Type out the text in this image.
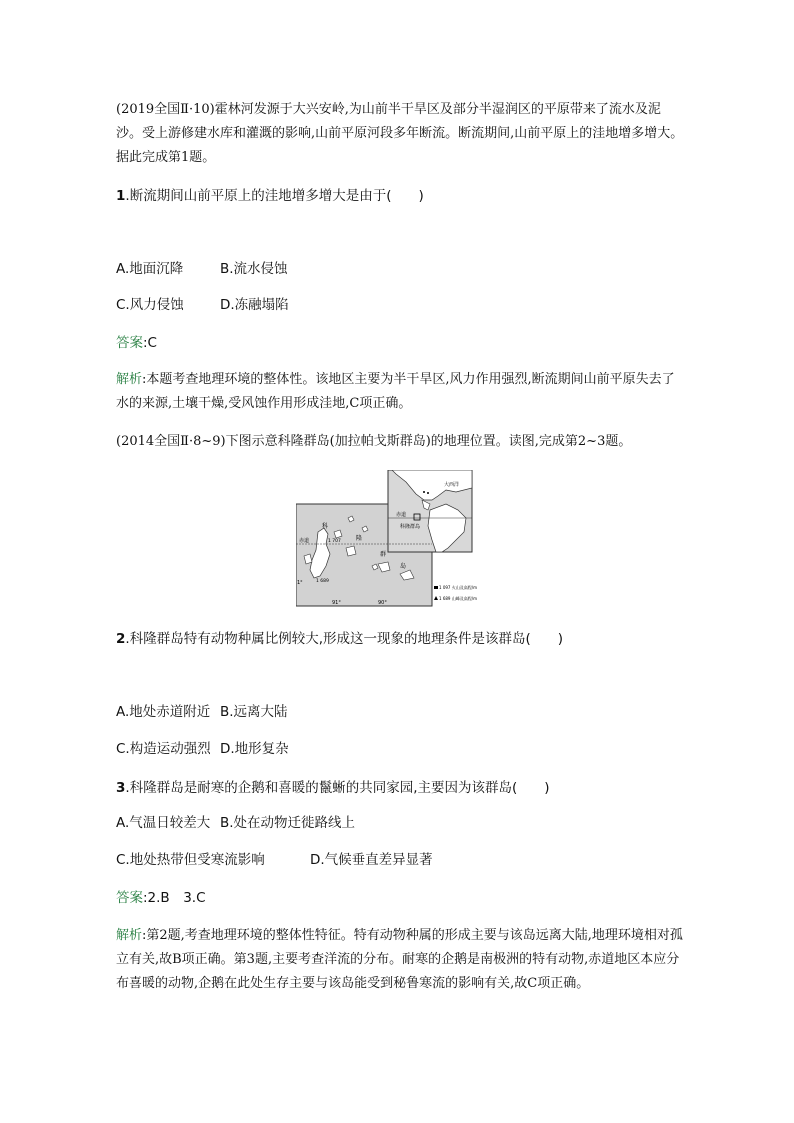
(2019全国Ⅱ·10)霍林河发源于大兴安岭,为山前半干旱区及部分半湿润区的平原带来了流水及泥沙。受上游修建水库和灌溉的影响,山前平原河段多年断流。断流期间,山前平原上的洼地增多增大。据此完成第1题。

1.断流期间山前平原上的洼地增多增大是由于(　　)

A.地面沉降	B.流水侵蚀
C.风力侵蚀	D.冻融塌陷

答案:C

解析:本题考查地理环境的整体性。该地区主要为半干旱区,风力作用强烈,断流期间山前平原失去了水的来源,土壤干燥,受风蚀作用形成洼地,C项正确。

(2014全国Ⅱ·8~9)下图示意科隆群岛(加拉帕戈斯群岛)的地理位置。读图,完成第2~3题。

大西洋
赤道
科隆群岛
赤道
科
隆
群
岛
1 707
1 689
1°
91°	90°
1 097 火山及高程/m
1 689 山峰及高程/m

2.科隆群岛特有动物种属比例较大,形成这一现象的地理条件是该群岛(　　)

A.地处赤道附近 B.远离大陆
C.构造运动强烈 D.地形复杂

3.科隆群岛是耐寒的企鹅和喜暖的鬣蜥的共同家园,主要因为该群岛(　　)

A.气温日较差大 B.处在动物迁徙路线上
C.地处热带但受寒流影响	D.气候垂直差异显著

答案:2.B　3.C

解析:第2题,考查地理环境的整体性特征。特有动物种属的形成主要与该岛远离大陆,地理环境相对孤立有关,故B项正确。第3题,主要考查洋流的分布。耐寒的企鹅是南极洲的特有动物,赤道地区本应分布喜暖的动物,企鹅在此处生存主要与该岛能受到秘鲁寒流的影响有关,故C项正确。
